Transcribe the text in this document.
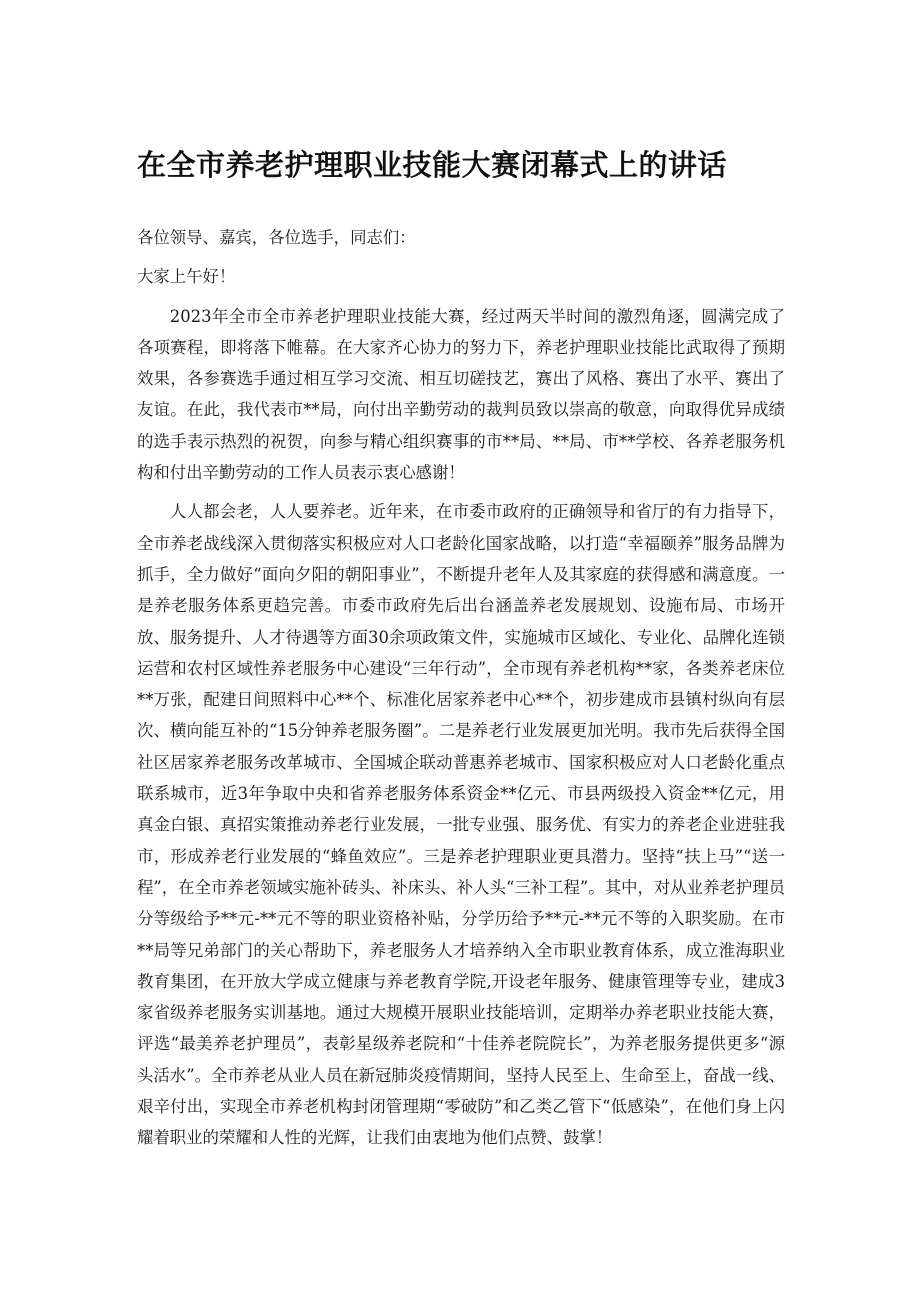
在全市养老护理职业技能大赛闭幕式上的讲话

各位领导、嘉宾，各位选手，同志们：

大家上午好！

2023年全市全市养老护理职业技能大赛，经过两天半时间的激烈角逐，圆满完成了各项赛程，即将落下帷幕。在大家齐心协力的努力下，养老护理职业技能比武取得了预期效果，各参赛选手通过相互学习交流、相互切磋技艺，赛出了风格、赛出了水平、赛出了友谊。在此，我代表市**局，向付出辛勤劳动的裁判员致以崇高的敬意，向取得优异成绩的选手表示热烈的祝贺，向参与精心组织赛事的市**局、**局、市**学校、各养老服务机构和付出辛勤劳动的工作人员表示衷心感谢！

人人都会老，人人要养老。近年来，在市委市政府的正确领导和省厅的有力指导下，全市养老战线深入贯彻落实积极应对人口老龄化国家战略，以打造“幸福颐养”服务品牌为抓手，全力做好“面向夕阳的朝阳事业”，不断提升老年人及其家庭的获得感和满意度。一是养老服务体系更趋完善。市委市政府先后出台涵盖养老发展规划、设施布局、市场开放、服务提升、人才待遇等方面30余项政策文件，实施城市区域化、专业化、品牌化连锁运营和农村区域性养老服务中心建设“三年行动”，全市现有养老机构**家，各类养老床位**万张，配建日间照料中心**个、标准化居家养老中心**个，初步建成市县镇村纵向有层次、横向能互补的“15分钟养老服务圈”。二是养老行业发展更加光明。我市先后获得全国社区居家养老服务改革城市、全国城企联动普惠养老城市、国家积极应对人口老龄化重点联系城市，近3年争取中央和省养老服务体系资金**亿元、市县两级投入资金**亿元，用真金白银、真招实策推动养老行业发展，一批专业强、服务优、有实力的养老企业进驻我市，形成养老行业发展的“蜂鱼效应”。三是养老护理职业更具潜力。坚持“扶上马”“送一程”，在全市养老领域实施补砖头、补床头、补人头“三补工程”。其中，对从业养老护理员分等级给予**元-**元不等的职业资格补贴，分学历给予**元-**元不等的入职奖励。在市**局等兄弟部门的关心帮助下，养老服务人才培养纳入全市职业教育体系，成立淮海职业教育集团，在开放大学成立健康与养老教育学院,开设老年服务、健康管理等专业，建成3家省级养老服务实训基地。通过大规模开展职业技能培训，定期举办养老职业技能大赛，评选“最美养老护理员”，表彰星级养老院和“十佳养老院院长”，为养老服务提供更多“源头活水”。全市养老从业人员在新冠肺炎疫情期间，坚持人民至上、生命至上，奋战一线、艰辛付出，实现全市养老机构封闭管理期“零破防”和乙类乙管下“低感染”，在他们身上闪耀着职业的荣耀和人性的光辉，让我们由衷地为他们点赞、鼓掌！
